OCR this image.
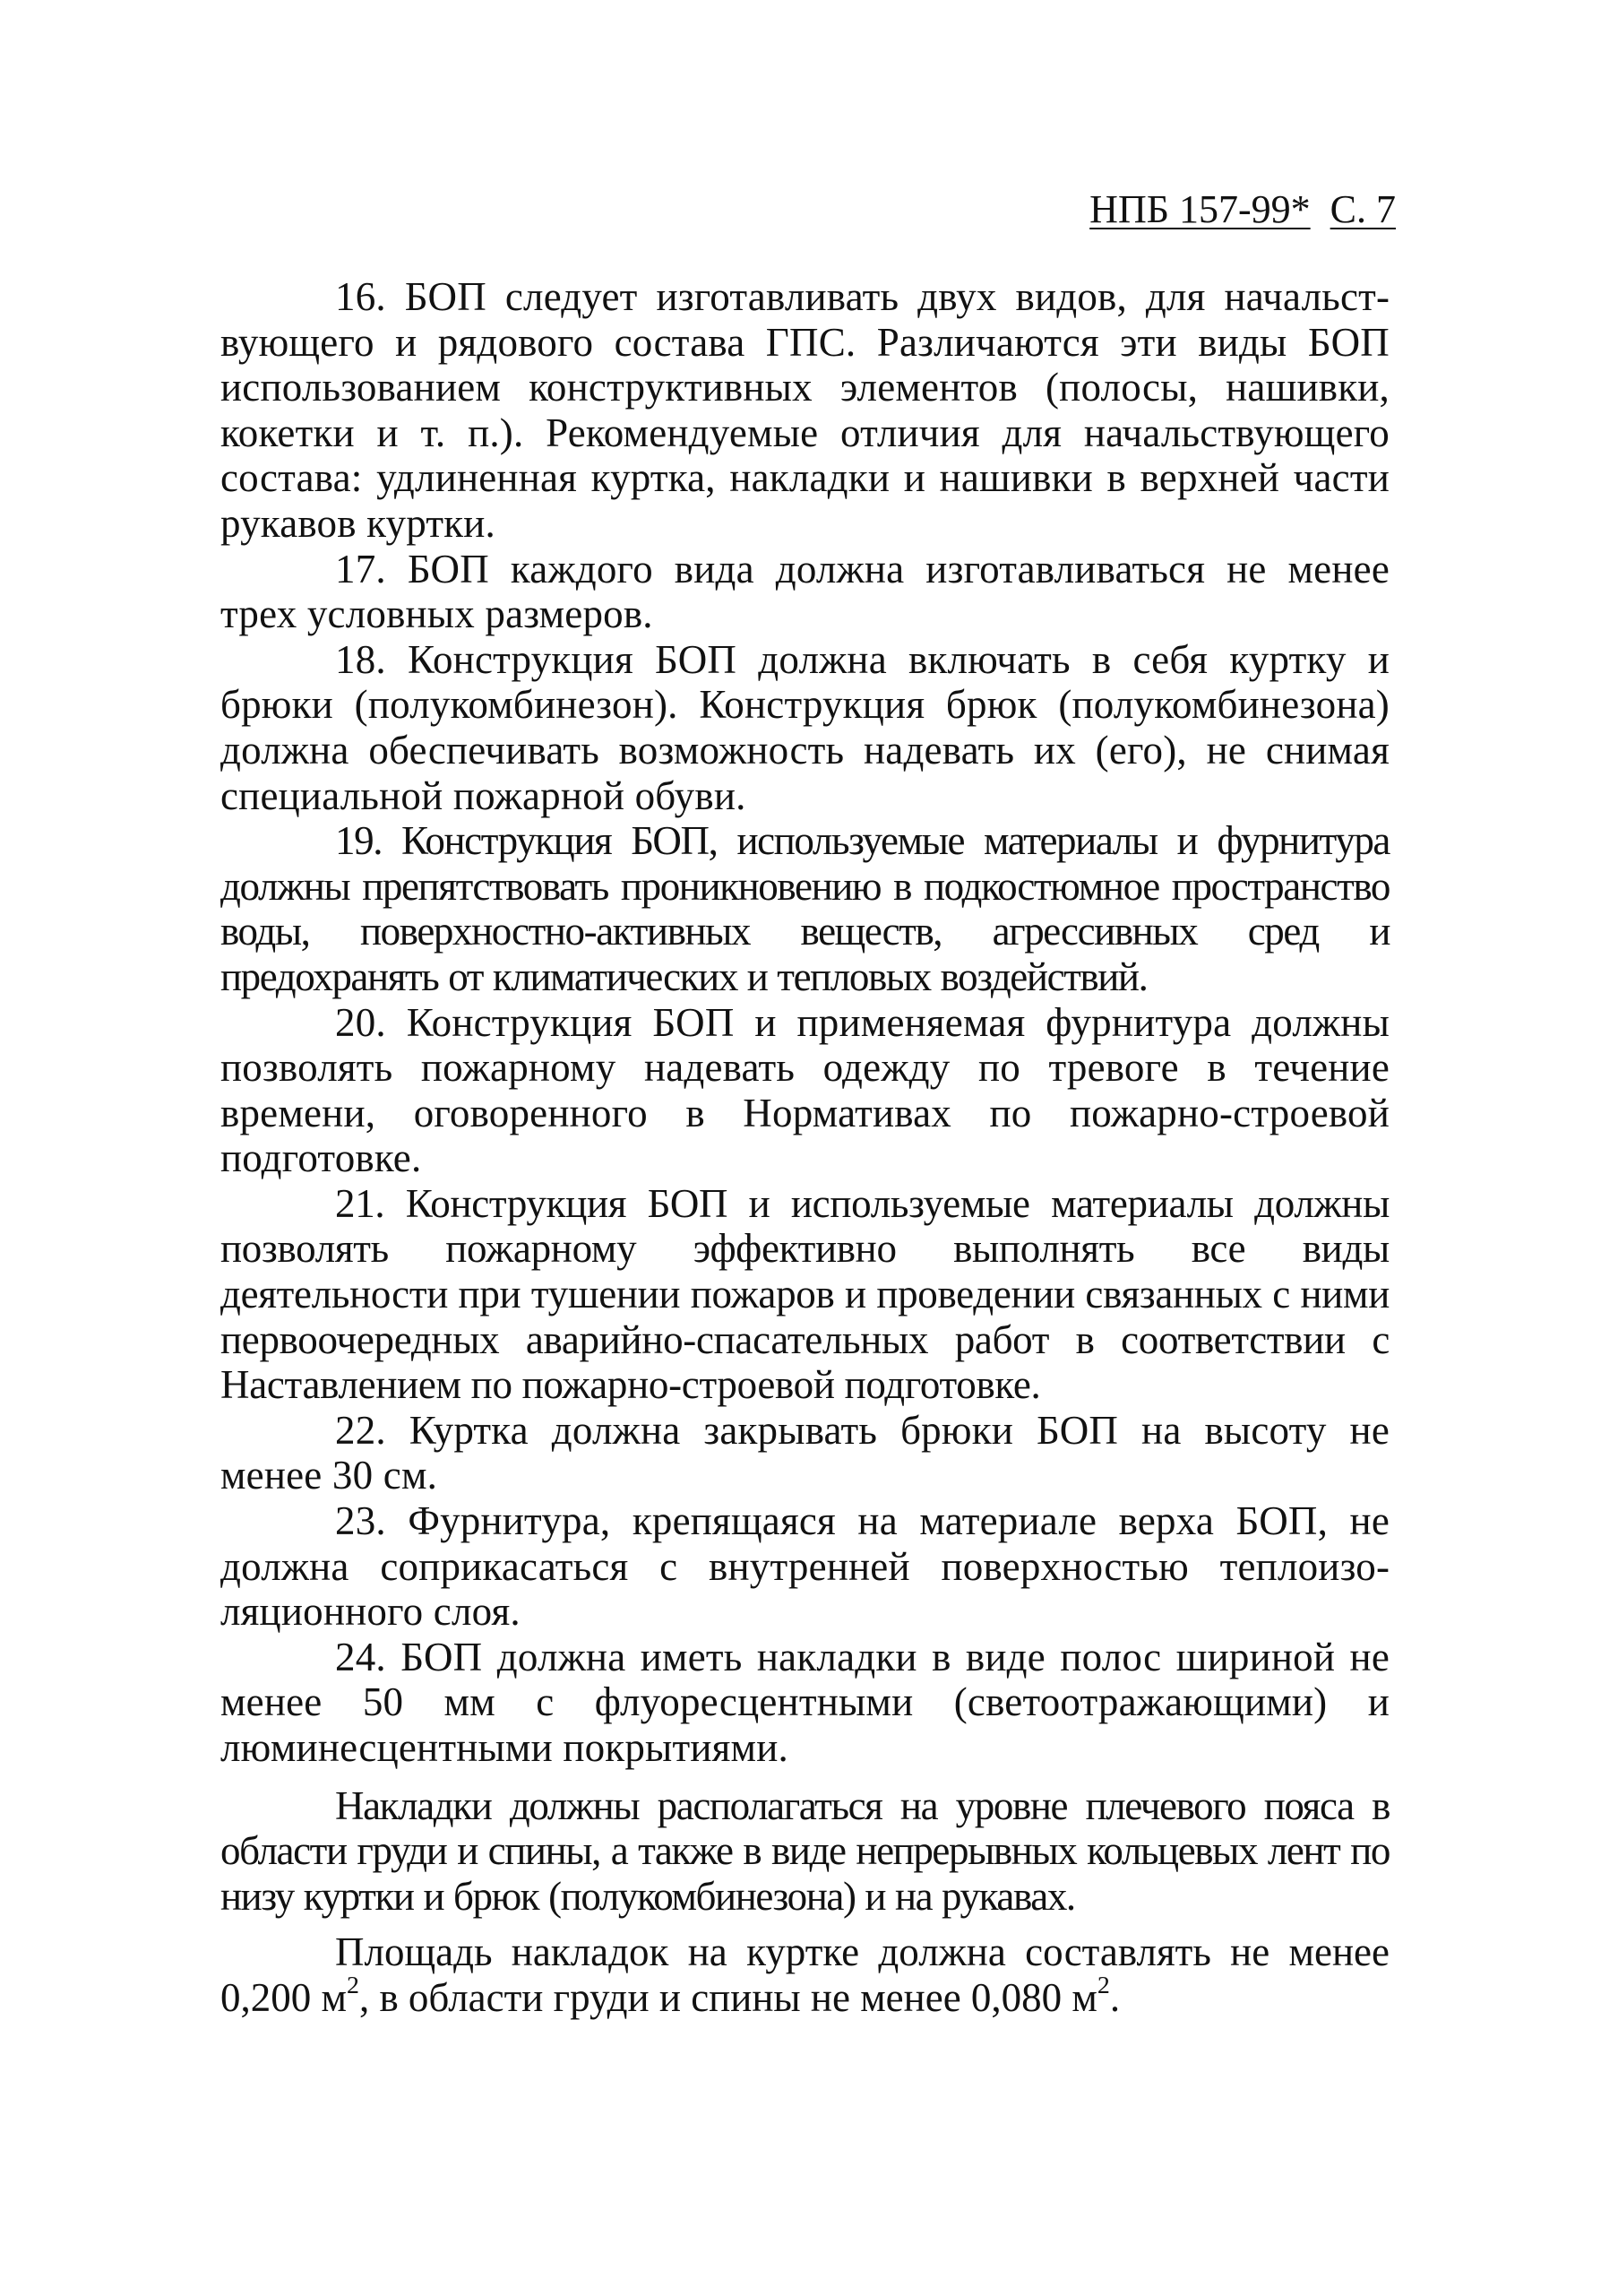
НПБ 157-99* С. 7

16. БОП следует изготавливать двух видов, для начальствующего и рядового состава ГПС. Различаются эти виды БОП использованием конструктивных элементов (полосы, нашивки, кокетки и т. п.). Рекомендуемые отличия для начальствующего состава: удлиненная куртка, накладки и нашивки в верхней части рукавов куртки.

17. БОП каждого вида должна изготавливаться не менее трех условных размеров.

18. Конструкция БОП должна включать в себя куртку и брюки (полукомбинезон). Конструкция брюк (полукомбинезона) должна обеспечивать возможность надевать их (его), не снимая специальной пожарной обуви.

19. Конструкция БОП, используемые материалы и фурнитура должны препятствовать проникновению в подкостюмное пространство воды, поверхностно-активных веществ, агрессивных сред и предохранять от климатических и тепловых воздействий.

20. Конструкция БОП и применяемая фурнитура должны позволять пожарному надевать одежду по тревоге в течение времени, оговоренного в Нормативах по пожарно-строевой подготовке.

21. Конструкция БОП и используемые материалы должны позволять пожарному эффективно выполнять все виды деятельности при тушении пожаров и проведении связанных с ними первоочередных аварийно-спасательных работ в соответствии с Наставлением по пожарно-строевой подготовке.

22. Куртка должна закрывать брюки БОП на высоту не менее 30 см.

23. Фурнитура, крепящаяся на материале верха БОП, не должна соприкасаться с внутренней поверхностью теплоизоляционного слоя.

24. БОП должна иметь накладки в виде полос шириной не менее 50 мм с флуоресцентными (светоотражающими) и люминесцентными покрытиями.

Накладки должны располагаться на уровне плечевого пояса в области груди и спины, а также в виде непрерывных кольцевых лент по низу куртки и брюк (полукомбинезона) и на рукавах.

Площадь накладок на куртке должна составлять не менее 0,200 $м^2$, в области груди и спины не менее 0,080 $м^2$.
